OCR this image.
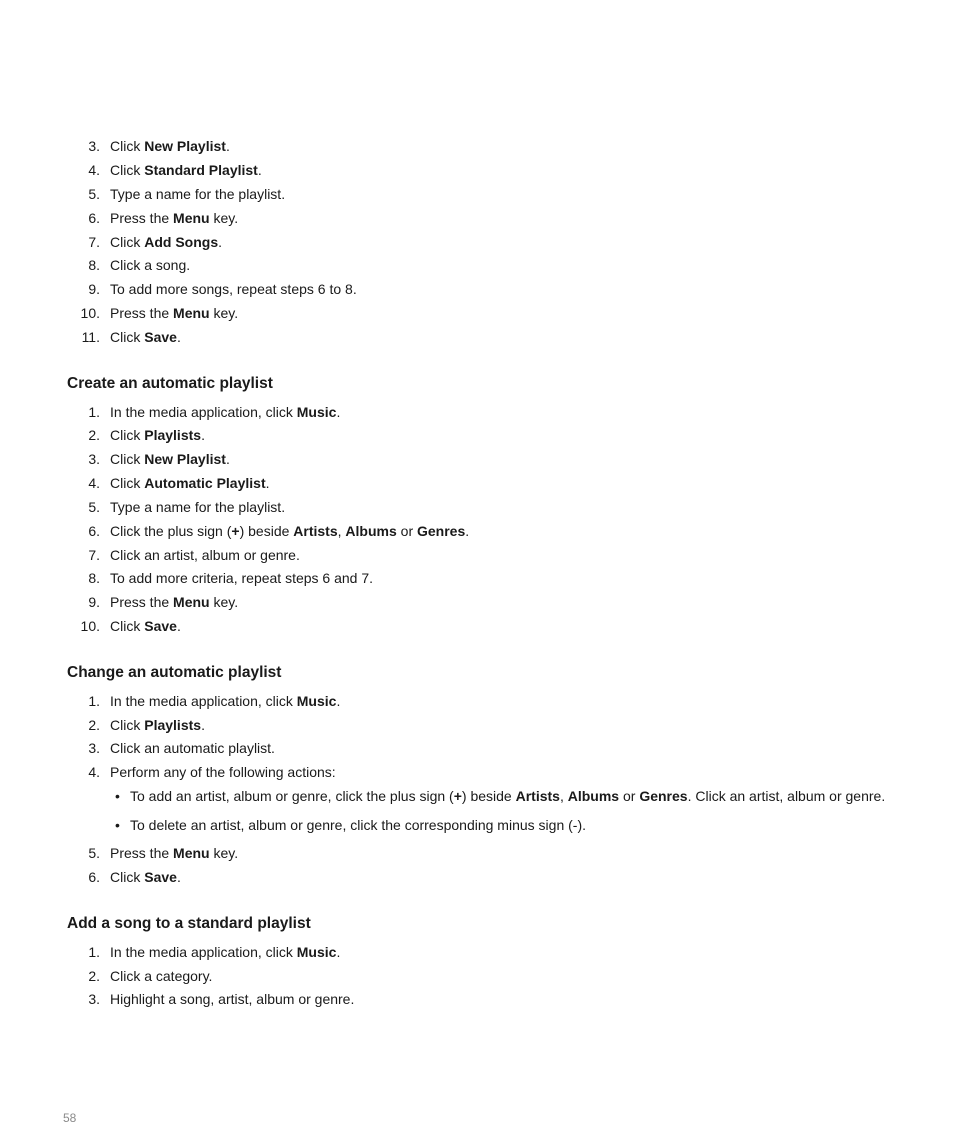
3. Click New Playlist.
4. Click Standard Playlist.
5. Type a name for the playlist.
6. Press the Menu key.
7. Click Add Songs.
8. Click a song.
9. To add more songs, repeat steps 6 to 8.
10. Press the Menu key.
11. Click Save.
Create an automatic playlist
1. In the media application, click Music.
2. Click Playlists.
3. Click New Playlist.
4. Click Automatic Playlist.
5. Type a name for the playlist.
6. Click the plus sign (+) beside Artists, Albums or Genres.
7. Click an artist, album or genre.
8. To add more criteria, repeat steps 6 and 7.
9. Press the Menu key.
10. Click Save.
Change an automatic playlist
1. In the media application, click Music.
2. Click Playlists.
3. Click an automatic playlist.
4. Perform any of the following actions:
• To add an artist, album or genre, click the plus sign (+) beside Artists, Albums or Genres. Click an artist, album or genre.
• To delete an artist, album or genre, click the corresponding minus sign (-).
5. Press the Menu key.
6. Click Save.
Add a song to a standard playlist
1. In the media application, click Music.
2. Click a category.
3. Highlight a song, artist, album or genre.
58
